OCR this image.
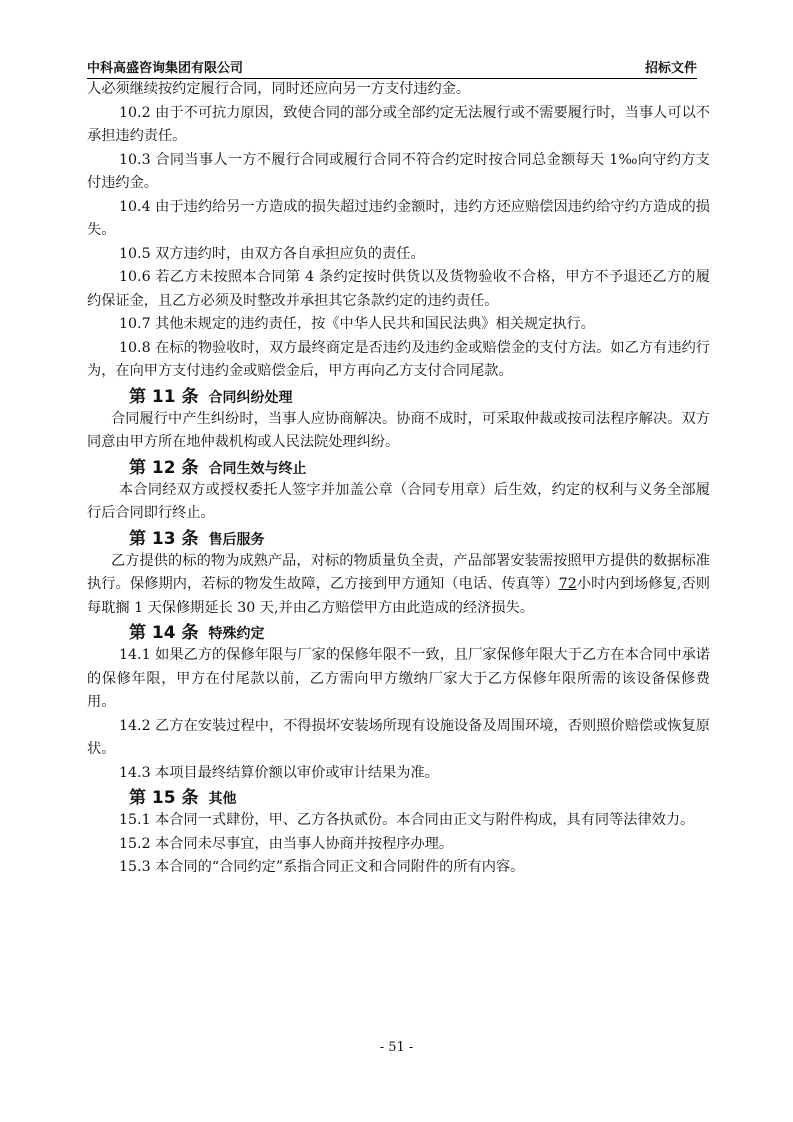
中科高盛咨询集团有限公司	招标文件

人必须继续按约定履行合同，同时还应向另一方支付违约金。

10.2 由于不可抗力原因，致使合同的部分或全部约定无法履行或不需要履行时，当事人可以不承担违约责任。

10.3 合同当事人一方不履行合同或履行合同不符合约定时按合同总金额每天 1‰向守约方支付违约金。

10.4 由于违约给另一方造成的损失超过违约金额时，违约方还应赔偿因违约给守约方造成的损失。

10.5 双方违约时，由双方各自承担应负的责任。

10.6 若乙方未按照本合同第 4 条约定按时供货以及货物验收不合格，甲方不予退还乙方的履约保证金，且乙方必须及时整改并承担其它条款约定的违约责任。

10.7 其他未规定的违约责任，按《中华人民共和国民法典》相关规定执行。

10.8 在标的物验收时，双方最终商定是否违约及违约金或赔偿金的支付方法。如乙方有违约行为，在向甲方支付违约金或赔偿金后，甲方再向乙方支付合同尾款。

第 11 条 合同纠纷处理

合同履行中产生纠纷时，当事人应协商解决。协商不成时，可采取仲裁或按司法程序解决。双方同意由甲方所在地仲裁机构或人民法院处理纠纷。

第 12 条 合同生效与终止

本合同经双方或授权委托人签字并加盖公章（合同专用章）后生效，约定的权利与义务全部履行后合同即行终止。

第 13 条 售后服务

乙方提供的标的物为成熟产品，对标的物质量负全责，产品部署安装需按照甲方提供的数据标准执行。保修期内，若标的物发生故障，乙方接到甲方通知（电话、传真等）72小时内到场修复,否则每耽搁 1 天保修期延长 30 天,并由乙方赔偿甲方由此造成的经济损失。

第 14 条 特殊约定

14.1 如果乙方的保修年限与厂家的保修年限不一致，且厂家保修年限大于乙方在本合同中承诺的保修年限，甲方在付尾款以前，乙方需向甲方缴纳厂家大于乙方保修年限所需的该设备保修费用。

14.2 乙方在安装过程中，不得损坏安装场所现有设施设备及周围环境，否则照价赔偿或恢复原状。

14.3 本项目最终结算价额以审价或审计结果为准。

第 15 条 其他

15.1 本合同一式肆份，甲、乙方各执贰份。本合同由正文与附件构成，具有同等法律效力。

15.2 本合同未尽事宜，由当事人协商并按程序办理。

15.3 本合同的“合同约定”系指合同正文和合同附件的所有内容。

- 51 -
